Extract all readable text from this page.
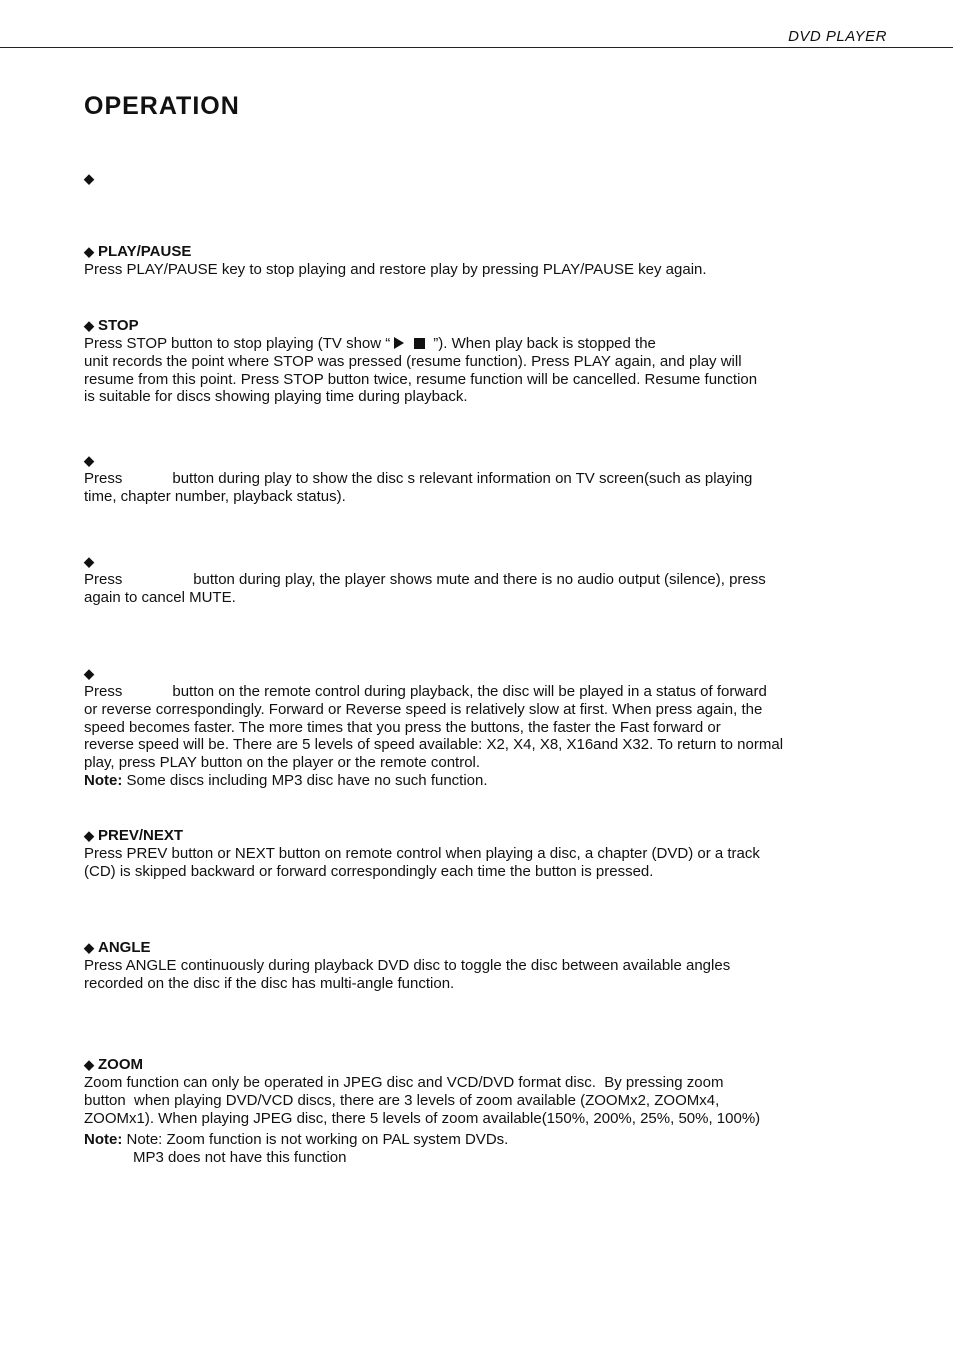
DVD PLAYER
OPERATION
◆
◆ PLAY/PAUSE
Press PLAY/PAUSE key to stop playing and restore play by pressing PLAY/PAUSE key again.
◆ STOP
Press STOP button to stop playing (TV show “	”). When play back is stopped the
unit records the point where STOP was pressed (resume function). Press PLAY again, and play will
resume from this point. Press STOP button twice, resume function will be cancelled. Resume function
is suitable for discs showing playing time during playback.
◆
Press            button during play to show the disc s relevant information on TV screen(such as playing
time, chapter number, playback status).
◆
Press                 button during play, the player shows mute and there is no audio output (silence), press
again to cancel MUTE.
◆
Press            button on the remote control during playback, the disc will be played in a status of forward
or reverse correspondingly. Forward or Reverse speed is relatively slow at first. When press again, the
speed becomes faster. The more times that you press the buttons, the faster the Fast forward or
reverse speed will be. There are 5 levels of speed available: X2, X4, X8, X16and X32. To return to normal
play, press PLAY button on the player or the remote control.
Note: Some discs including MP3 disc have no such function.
◆ PREV/NEXT
Press PREV button or NEXT button on remote control when playing a disc, a chapter (DVD) or a track
(CD) is skipped backward or forward correspondingly each time the button is pressed.
◆ ANGLE
Press ANGLE continuously during playback DVD disc to toggle the disc between available angles
recorded on the disc if the disc has multi-angle function.
◆ ZOOM
Zoom function can only be operated in JPEG disc and VCD/DVD format disc.  By pressing zoom
button  when playing DVD/VCD discs, there are 3 levels of zoom available (ZOOMx2, ZOOMx4,
ZOOMx1). When playing JPEG disc, there 5 levels of zoom available(150%, 200%, 25%, 50%, 100%)
Note: Note: Zoom function is not working on PAL system DVDs.
MP3 does not have this function
